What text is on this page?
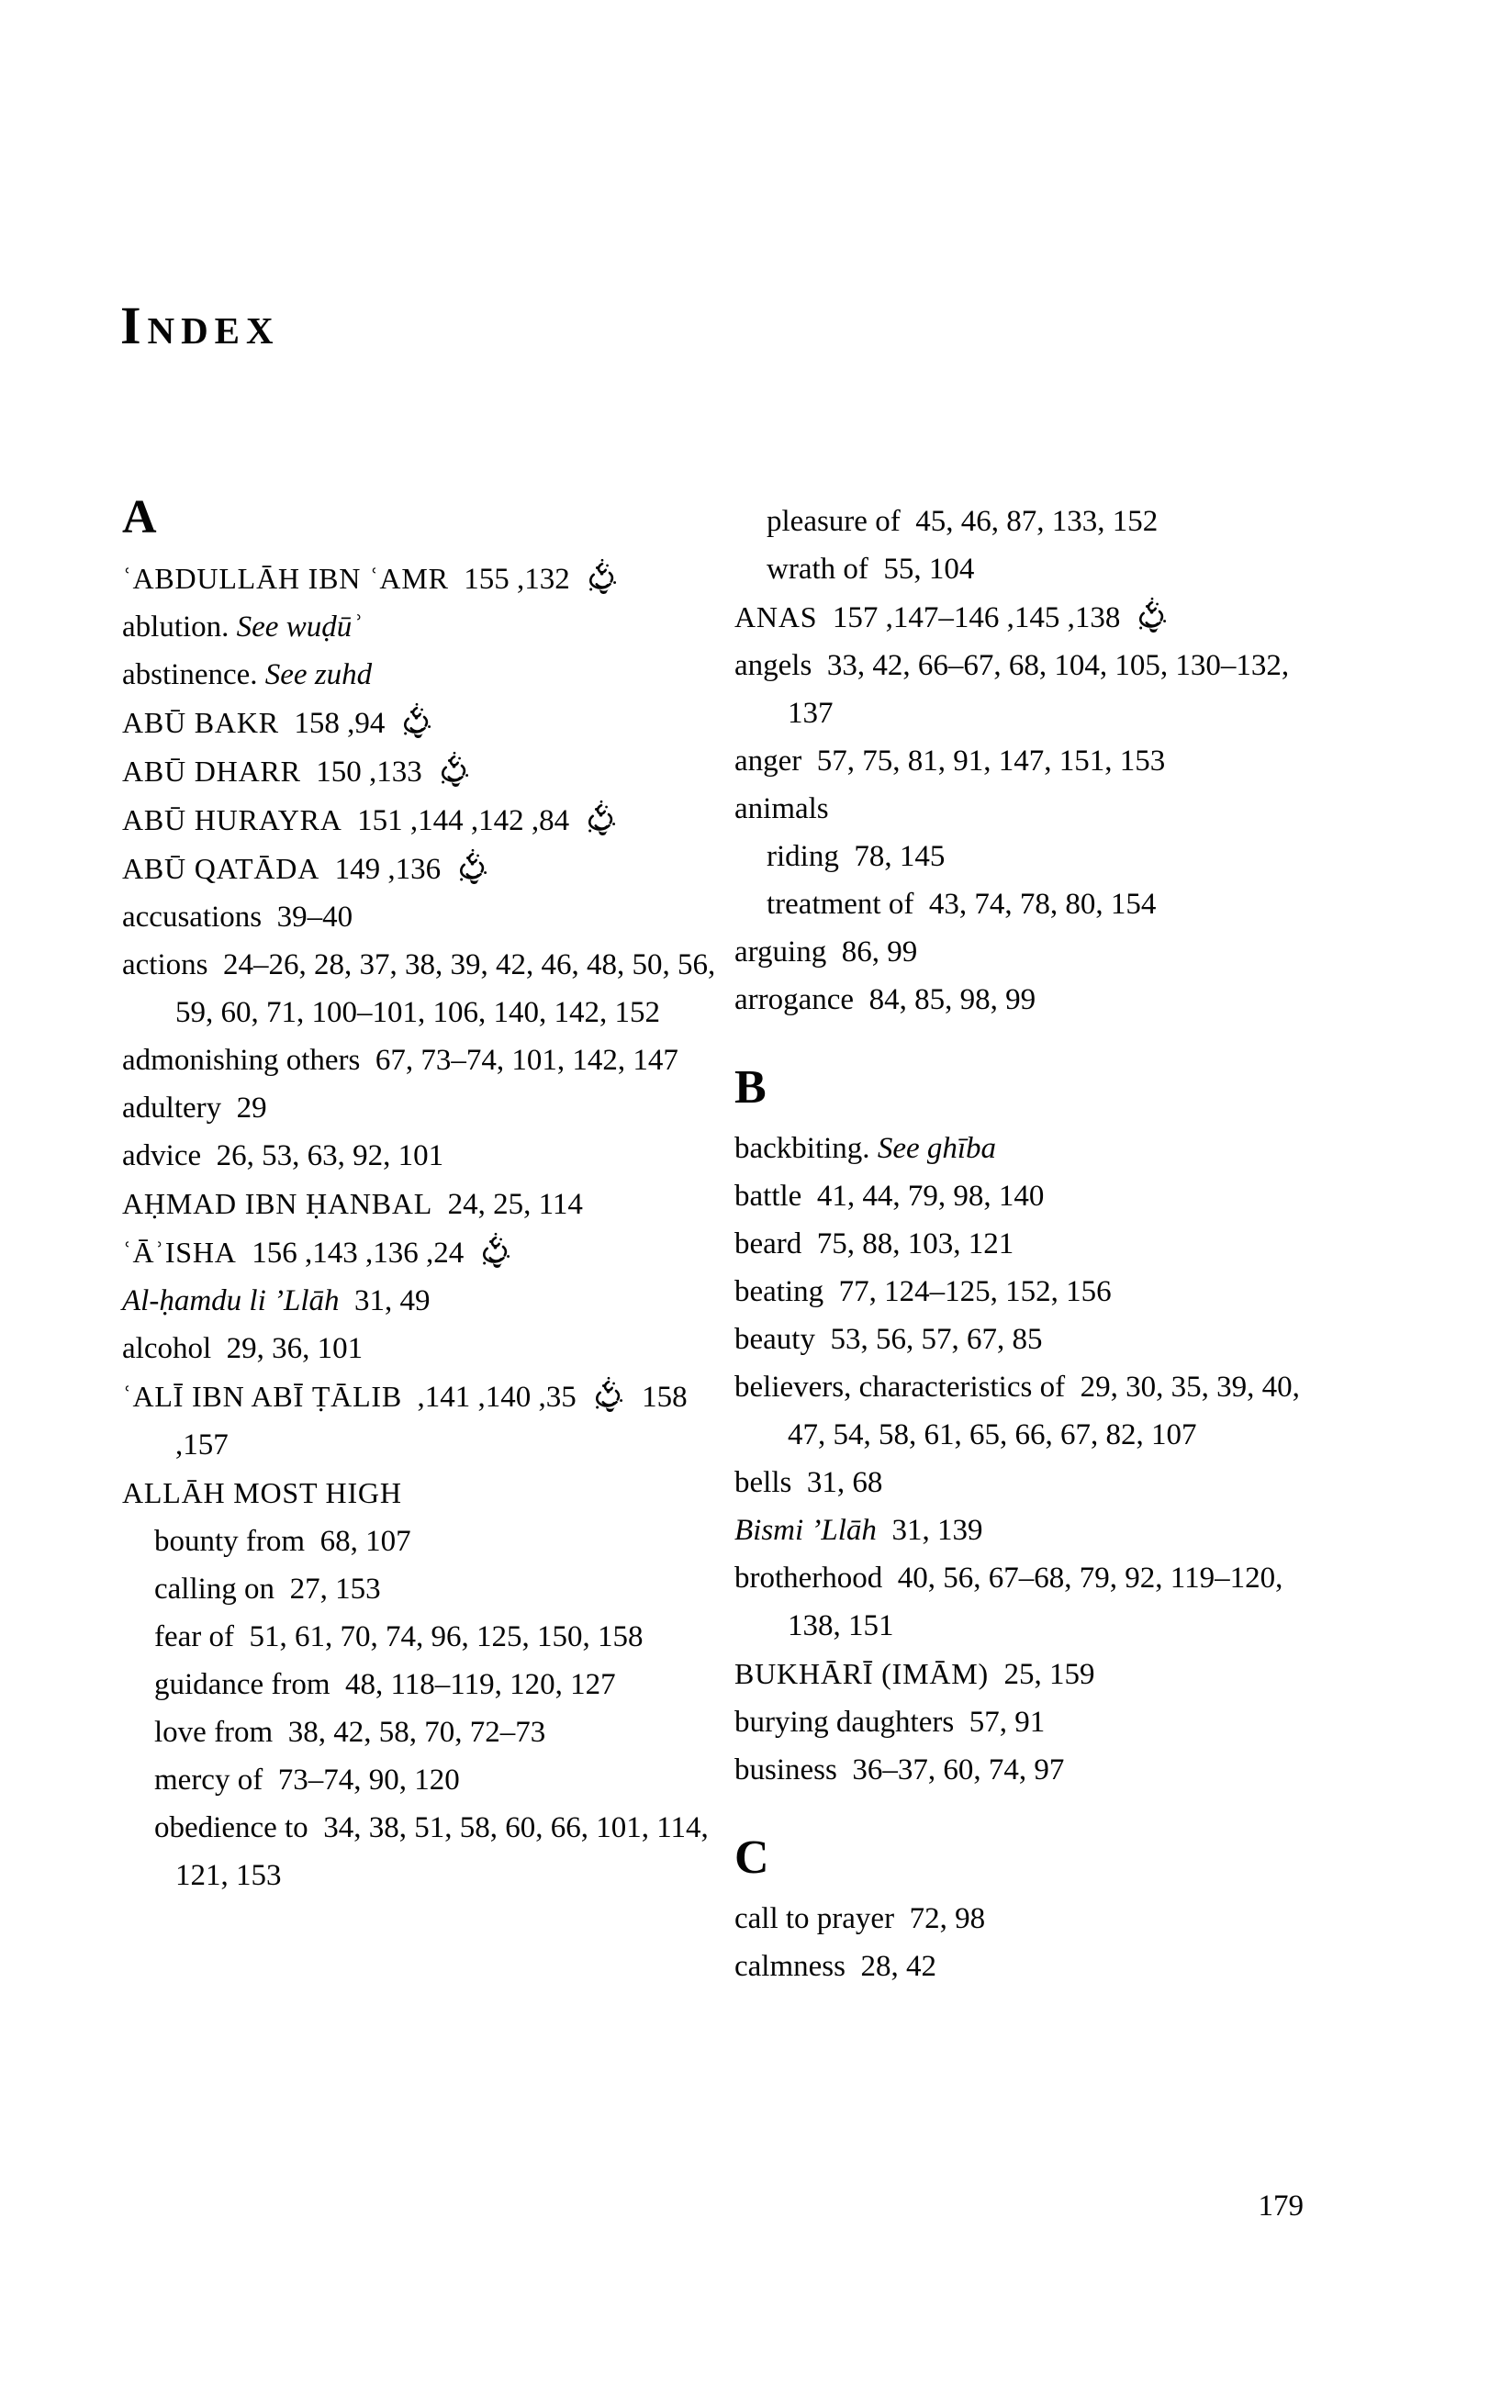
Index
A
ʿABDULLĀH IBN ʿAMR 155 ,132
ablution. See wuḍūʾ
abstinence. See zuhd
ABŪ BAKR 158 ,94
ABŪ DHARR 150 ,133
ABŪ HURAYRA 151 ,144 ,142 ,84
ABŪ QATĀDA 149 ,136
accusations 39–40
actions 24–26, 28, 37, 38, 39, 42, 46, 48, 50, 56, 59, 60, 71, 100–101, 106, 140, 142, 152
admonishing others 67, 73–74, 101, 142, 147
adultery 29
advice 26, 53, 63, 92, 101
AḤMAD IBN ḤANBAL 24, 25, 114
ʿĀʾISHA 156 ,143 ,136 ,24
Al-ḥamdu li ’Llāh 31, 49
alcohol 29, 36, 101
ʿALĪ IBN ABĪ ṬĀLIB ,141 ,140 ,35 158 ,157
ALLĀH MOST HIGH
bounty from 68, 107
calling on 27, 153
fear of 51, 61, 70, 74, 96, 125, 150, 158
guidance from 48, 118–119, 120, 127
love from 38, 42, 58, 70, 72–73
mercy of 73–74, 90, 120
obedience to 34, 38, 51, 58, 60, 66, 101, 114, 121, 153
pleasure of 45, 46, 87, 133, 152
wrath of 55, 104
ANAS 157 ,147–146 ,145 ,138
angels 33, 42, 66–67, 68, 104, 105, 130–132, 137
anger 57, 75, 81, 91, 147, 151, 153
animals
riding 78, 145
treatment of 43, 74, 78, 80, 154
arguing 86, 99
arrogance 84, 85, 98, 99
B
backbiting. See ghība
battle 41, 44, 79, 98, 140
beard 75, 88, 103, 121
beating 77, 124–125, 152, 156
beauty 53, 56, 57, 67, 85
believers, characteristics of 29, 30, 35, 39, 40, 47, 54, 58, 61, 65, 66, 67, 82, 107
bells 31, 68
Bismi ’Llāh 31, 139
brotherhood 40, 56, 67–68, 79, 92, 119–120, 138, 151
BUKHĀRĪ (IMĀM) 25, 159
burying daughters 57, 91
business 36–37, 60, 74, 97
C
call to prayer 72, 98
calmness 28, 42
179
